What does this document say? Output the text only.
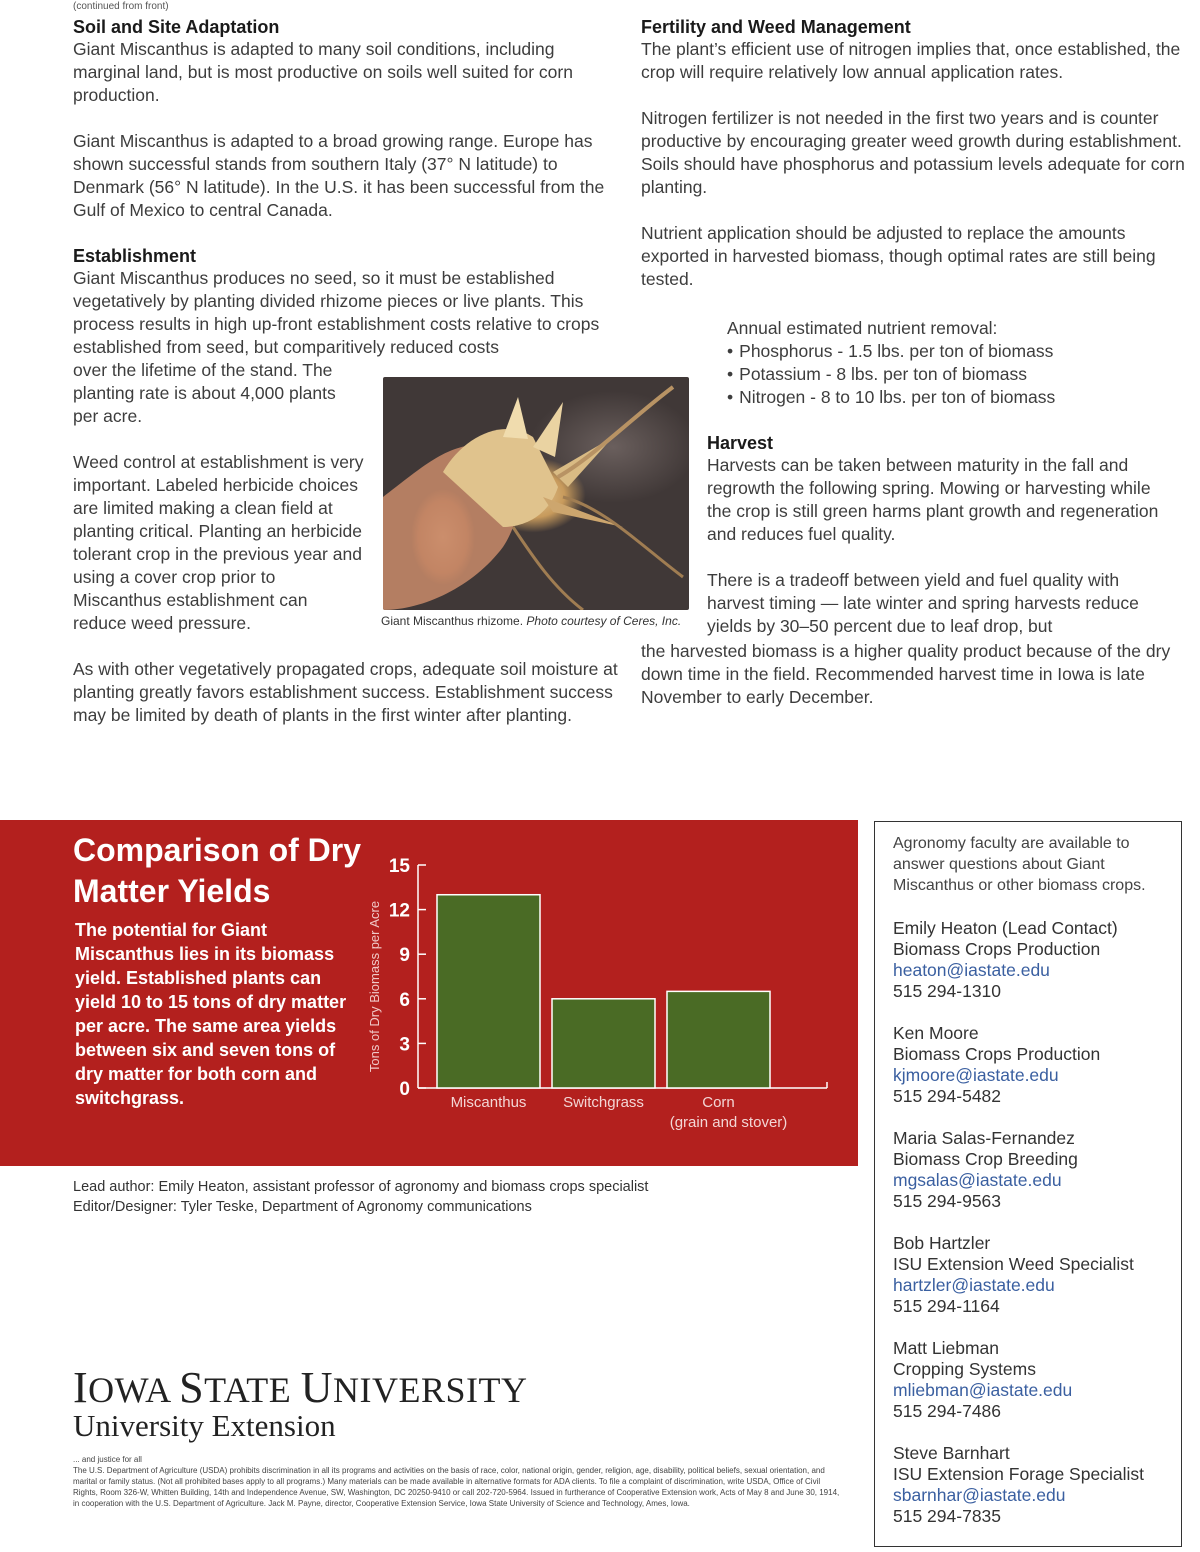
(continued from front)
Soil and Site Adaptation

Giant Miscanthus is adapted to many soil conditions, including marginal land, but is most productive on soils well suited for corn production.

Giant Miscanthus is adapted to a broad growing range. Europe has shown successful stands from southern Italy (37° N latitude) to Denmark (56° N latitude). In the U.S. it has been successful from the Gulf of Mexico to central Canada.

Establishment

Giant Miscanthus produces no seed, so it must be established vegetatively by planting divided rhizome pieces or live plants. This process results in high up-front establishment costs relative to crops established from seed, but comparitively reduced costs

over the lifetime of the stand. The planting rate is about 4,000 plants per acre.

Weed control at establishment is very important. Labeled herbicide choices are limited making a clean field at planting critical. Planting an herbicide tolerant crop in the previous year and using a cover crop prior to Miscanthus establishment can reduce weed pressure.

As with other vegetatively propagated crops, adequate soil moisture at planting greatly favors establishment success. Establishment success may be limited by death of plants in the first winter after planting.

Giant Miscanthus rhizome. Photo courtesy of Ceres, Inc.
Fertility and Weed Management

The plant’s efficient use of nitrogen implies that, once established, the crop will require relatively low annual application rates.

Nitrogen fertilizer is not needed in the first two years and is counter productive by encouraging greater weed growth during establishment. Soils should have phosphorus and potassium levels adequate for corn planting.

Nutrient application should be adjusted to replace the amounts exported in harvested biomass, though optimal rates are still being tested.

Annual estimated nutrient removal:
• Phosphorus - 1.5 lbs. per ton of biomass
• Potassium - 8 lbs. per ton of biomass
• Nitrogen - 8 to 10 lbs. per ton of biomass
Harvest

Harvests can be taken between maturity in the fall and regrowth the following spring. Mowing or harvesting while the crop is still green harms plant growth and regeneration and reduces fuel quality.

There is a tradeoff between yield and fuel quality with harvest timing — late winter and spring harvests reduce yields by 30–50 percent due to leaf drop, but

the harvested biomass is a higher quality product because of the dry down time in the field. Recommended harvest time in Iowa is late November to early December.

Comparison of Dry Matter Yields
The potential for Giant Miscanthus lies in its biomass yield. Established plants can yield 10 to 15 tons of dry matter per acre. The same area yields between six and seven tons of dry matter for both corn and switchgrass.	0
3
6
9
12
15
Tons of Dry Biomass per Acre
Miscanthus Switchgrass	Corn
(grain and stover)
Lead author: Emily Heaton, assistant professor of agronomy and biomass crops specialist
Editor/Designer: Tyler Teske, Department of Agronomy communications
IOWA STATE UNIVERSITY
University Extension
... and justice for all
The U.S. Department of Agriculture (USDA) prohibits discrimination in all its programs and activities on the basis of race, color, national origin, gender, religion, age, disability, political beliefs, sexual orientation, and marital or family status. (Not all prohibited bases apply to all programs.) Many materials can be made available in alternative formats for ADA clients. To file a complaint of discrimination, write USDA, Office of Civil Rights, Room 326-W, Whitten Building, 14th and Independence Avenue, SW, Washington, DC 20250-9410 or call 202-720-5964. Issued in furtherance of Cooperative Extension work, Acts of May 8 and June 30, 1914, in cooperation with the U.S. Department of Agriculture. Jack M. Payne, director, Cooperative Extension Service, Iowa State University of Science and Technology, Ames, Iowa.
Agronomy faculty are available to answer questions about Giant Miscanthus or other biomass crops.
Emily Heaton (Lead Contact)
Biomass Crops Production
heaton@iastate.edu
515 294-1310
Ken Moore
Biomass Crops Production
kjmoore@iastate.edu
515 294-5482
Maria Salas-Fernandez
Biomass Crop Breeding
mgsalas@iastate.edu
515 294-9563
Bob Hartzler
ISU Extension Weed Specialist
hartzler@iastate.edu
515 294-1164
Matt Liebman
Cropping Systems
mliebman@iastate.edu
515 294-7486
Steve Barnhart
ISU Extension Forage Specialist
sbarnhar@iastate.edu
515 294-7835
